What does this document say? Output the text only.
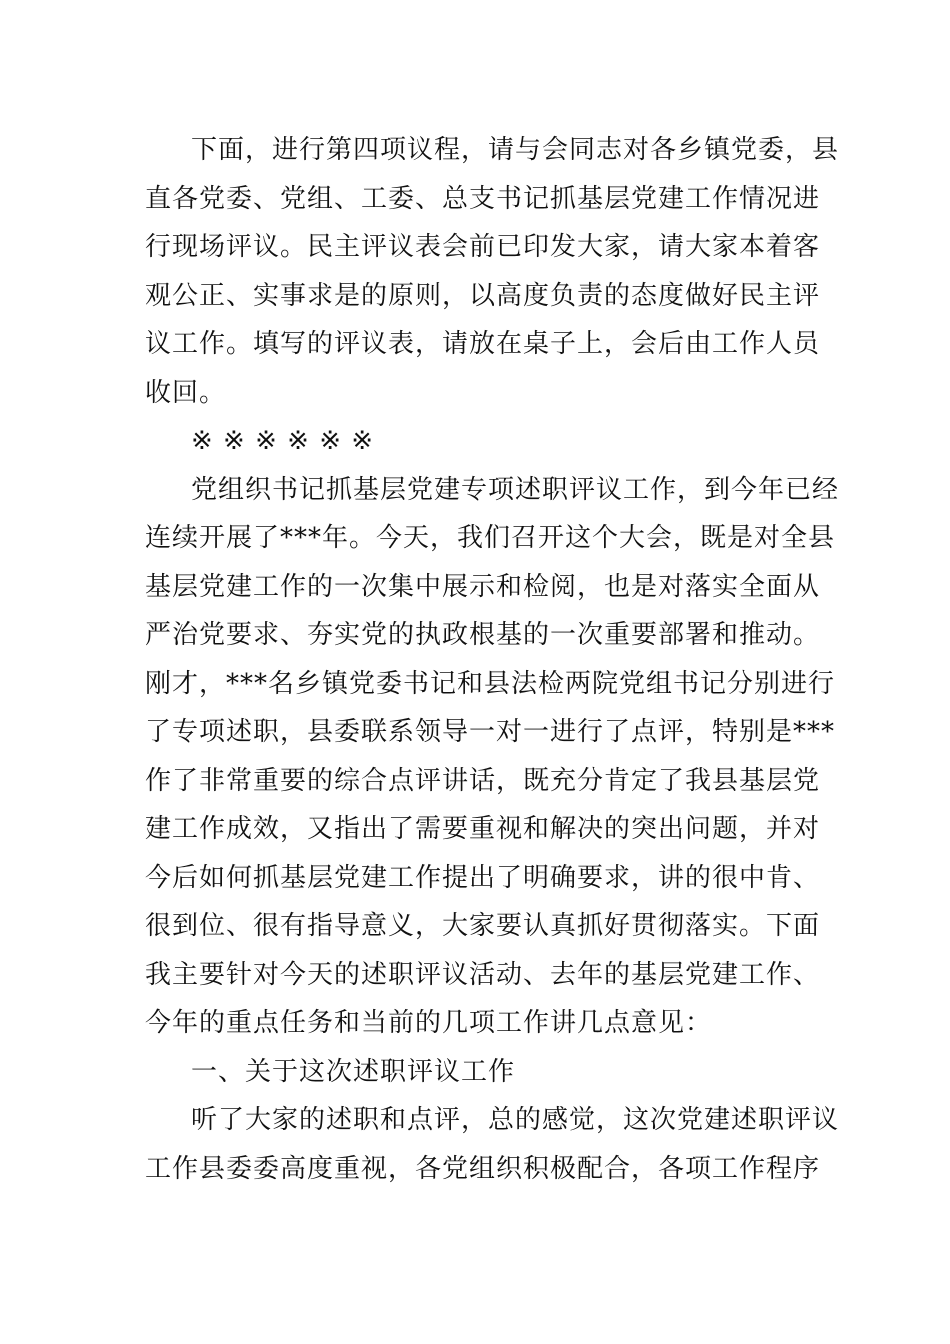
下面，进行第四项议程，请与会同志对各乡镇党委，县
直各党委、党组、工委、总支书记抓基层党建工作情况进
行现场评议。民主评议表会前已印发大家，请大家本着客
观公正、实事求是的原则，以高度负责的态度做好民主评
议工作。填写的评议表，请放在桌子上，会后由工作人员
收回。
※ ※ ※ ※ ※ ※
党组织书记抓基层党建专项述职评议工作，到今年已经
连续开展了***年。今天，我们召开这个大会，既是对全县
基层党建工作的一次集中展示和检阅，也是对落实全面从
严治党要求、夯实党的执政根基的一次重要部署和推动。
刚才，***名乡镇党委书记和县法检两院党组书记分别进行
了专项述职，县委联系领导一对一进行了点评，特别是***
作了非常重要的综合点评讲话，既充分肯定了我县基层党
建工作成效，又指出了需要重视和解决的突出问题，并对
今后如何抓基层党建工作提出了明确要求，讲的很中肯、
很到位、很有指导意义，大家要认真抓好贯彻落实。下面
我主要针对今天的述职评议活动、去年的基层党建工作、
今年的重点任务和当前的几项工作讲几点意见：
一、关于这次述职评议工作
听了大家的述职和点评，总的感觉，这次党建述职评议
工作县委委高度重视，各党组织积极配合，各项工作程序
